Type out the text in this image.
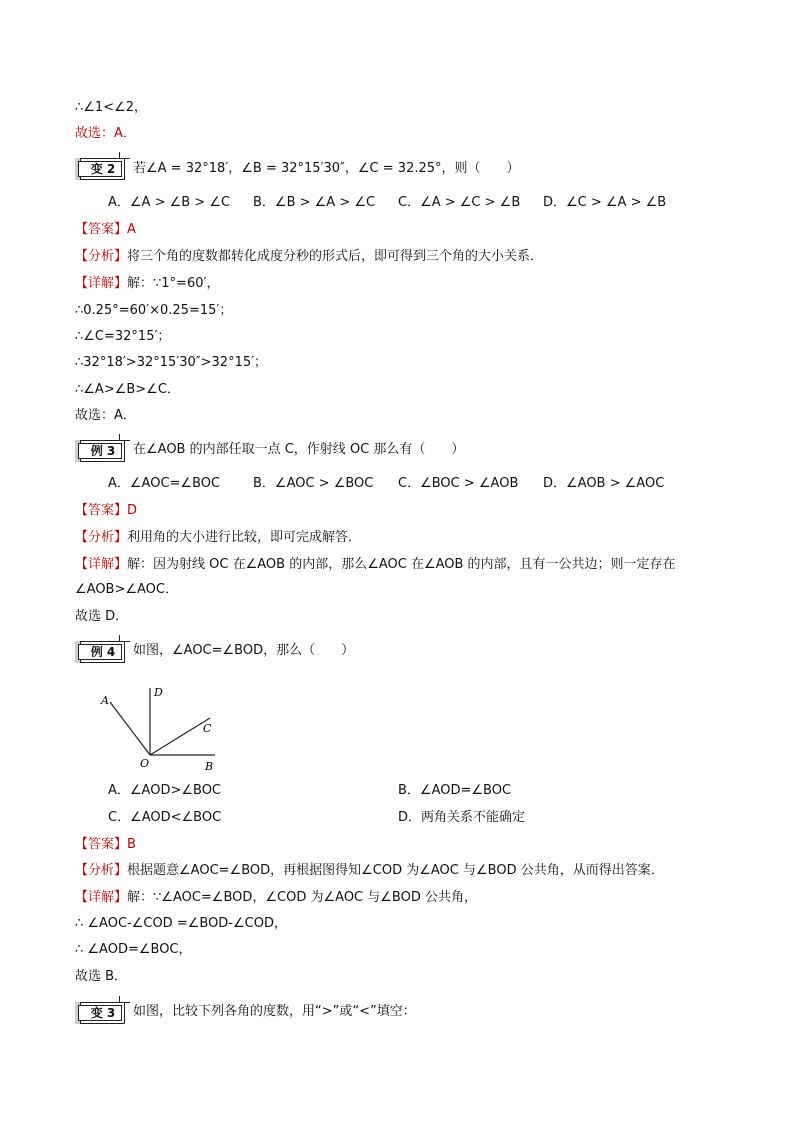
∴∠1<∠2，
故选：A．
变 2	若∠A = 32°18′，∠B = 32°15′30″，∠C = 32.25°，则（　　）
A．∠A > ∠B > ∠C B．∠B > ∠A > ∠C C．∠A > ∠C > ∠B D．∠C > ∠A > ∠B
【答案】A
【分析】将三个角的度数都转化成度分秒的形式后，即可得到三个角的大小关系．
【详解】解：∵1°=60′，
∴0.25°=60′×0.25=15′；
∴∠C=32°15′；
∴32°18′>32°15′30″>32°15′；
∴∠A>∠B>∠C．
故选：A．
例 3	在∠AOB 的内部任取一点 C，作射线 OC 那么有（　　）
A．∠AOC=∠BOC	B．∠AOC > ∠BOC C．∠BOC > ∠AOB D．∠AOB > ∠AOC
【答案】D
【分析】利用角的大小进行比较，即可完成解答．
【详解】解：因为射线 OC 在∠AOB 的内部，那么∠AOC 在∠AOB 的内部，且有一公共边；则一定存在
∠AOB>∠AOC．
故选 D．
例 4	如图，∠AOC=∠BOD，那么（　　）
A
D
C
O	B
A．∠AOD>∠BOC	B．∠AOD=∠BOC
C．∠AOD<∠BOC	D．两角关系不能确定
【答案】B
【分析】根据题意∠AOC=∠BOD，再根据图得知∠COD 为∠AOC 与∠BOD 公共角，从而得出答案．
【详解】解：∵∠AOC=∠BOD，∠COD 为∠AOC 与∠BOD 公共角，
∴ ∠AOC-∠COD =∠BOD-∠COD，
∴ ∠AOD=∠BOC，
故选 B．
变 3	如图，比较下列各角的度数，用“>”或“<”填空：
